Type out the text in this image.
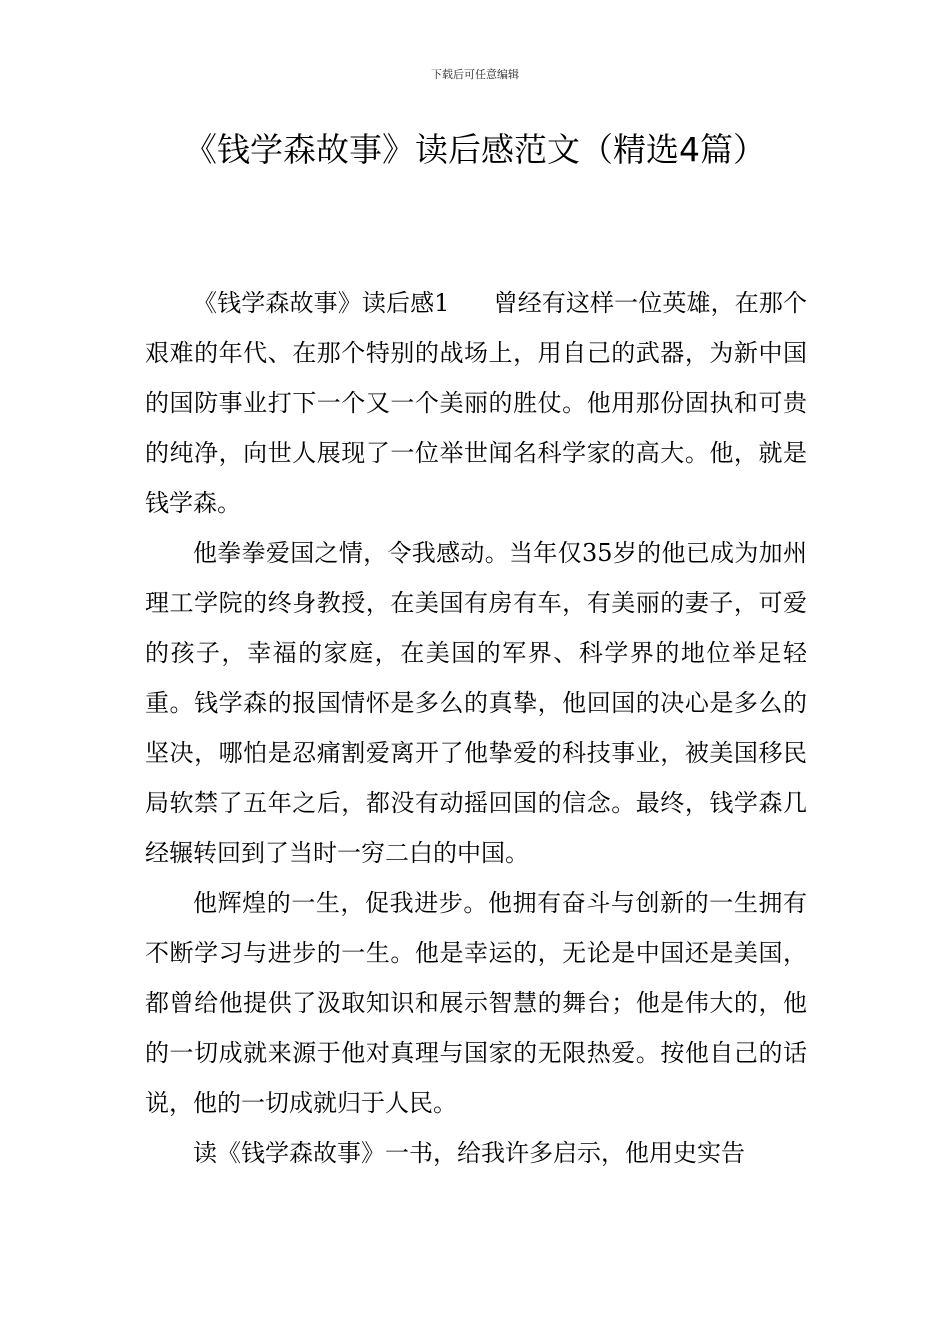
下载后可任意编辑
《钱学森故事》读后感范文（精选4篇）

《钱学森故事》读后感1 曾经有这样一位英雄，在那个艰难的年代、在那个特别的战场上，用自己的武器，为新中国的国防事业打下一个又一个美丽的胜仗。他用那份固执和可贵的纯净，向世人展现了一位举世闻名科学家的高大。他，就是钱学森。

他拳拳爱国之情，令我感动。当年仅35岁的他已成为加州理工学院的终身教授，在美国有房有车，有美丽的妻子，可爱的孩子，幸福的家庭，在美国的军界、科学界的地位举足轻重。钱学森的报国情怀是多么的真挚，他回国的决心是多么的坚决，哪怕是忍痛割爱离开了他挚爱的科技事业，被美国移民局软禁了五年之后，都没有动摇回国的信念。最终，钱学森几经辗转回到了当时一穷二白的中国。

他辉煌的一生，促我进步。他拥有奋斗与创新的一生拥有不断学习与进步的一生。他是幸运的，无论是中国还是美国，都曾给他提供了汲取知识和展示智慧的舞台；他是伟大的，他的一切成就来源于他对真理与国家的无限热爱。按他自己的话说，他的一切成就归于人民。

读《钱学森故事》一书，给我许多启示，他用史实告
